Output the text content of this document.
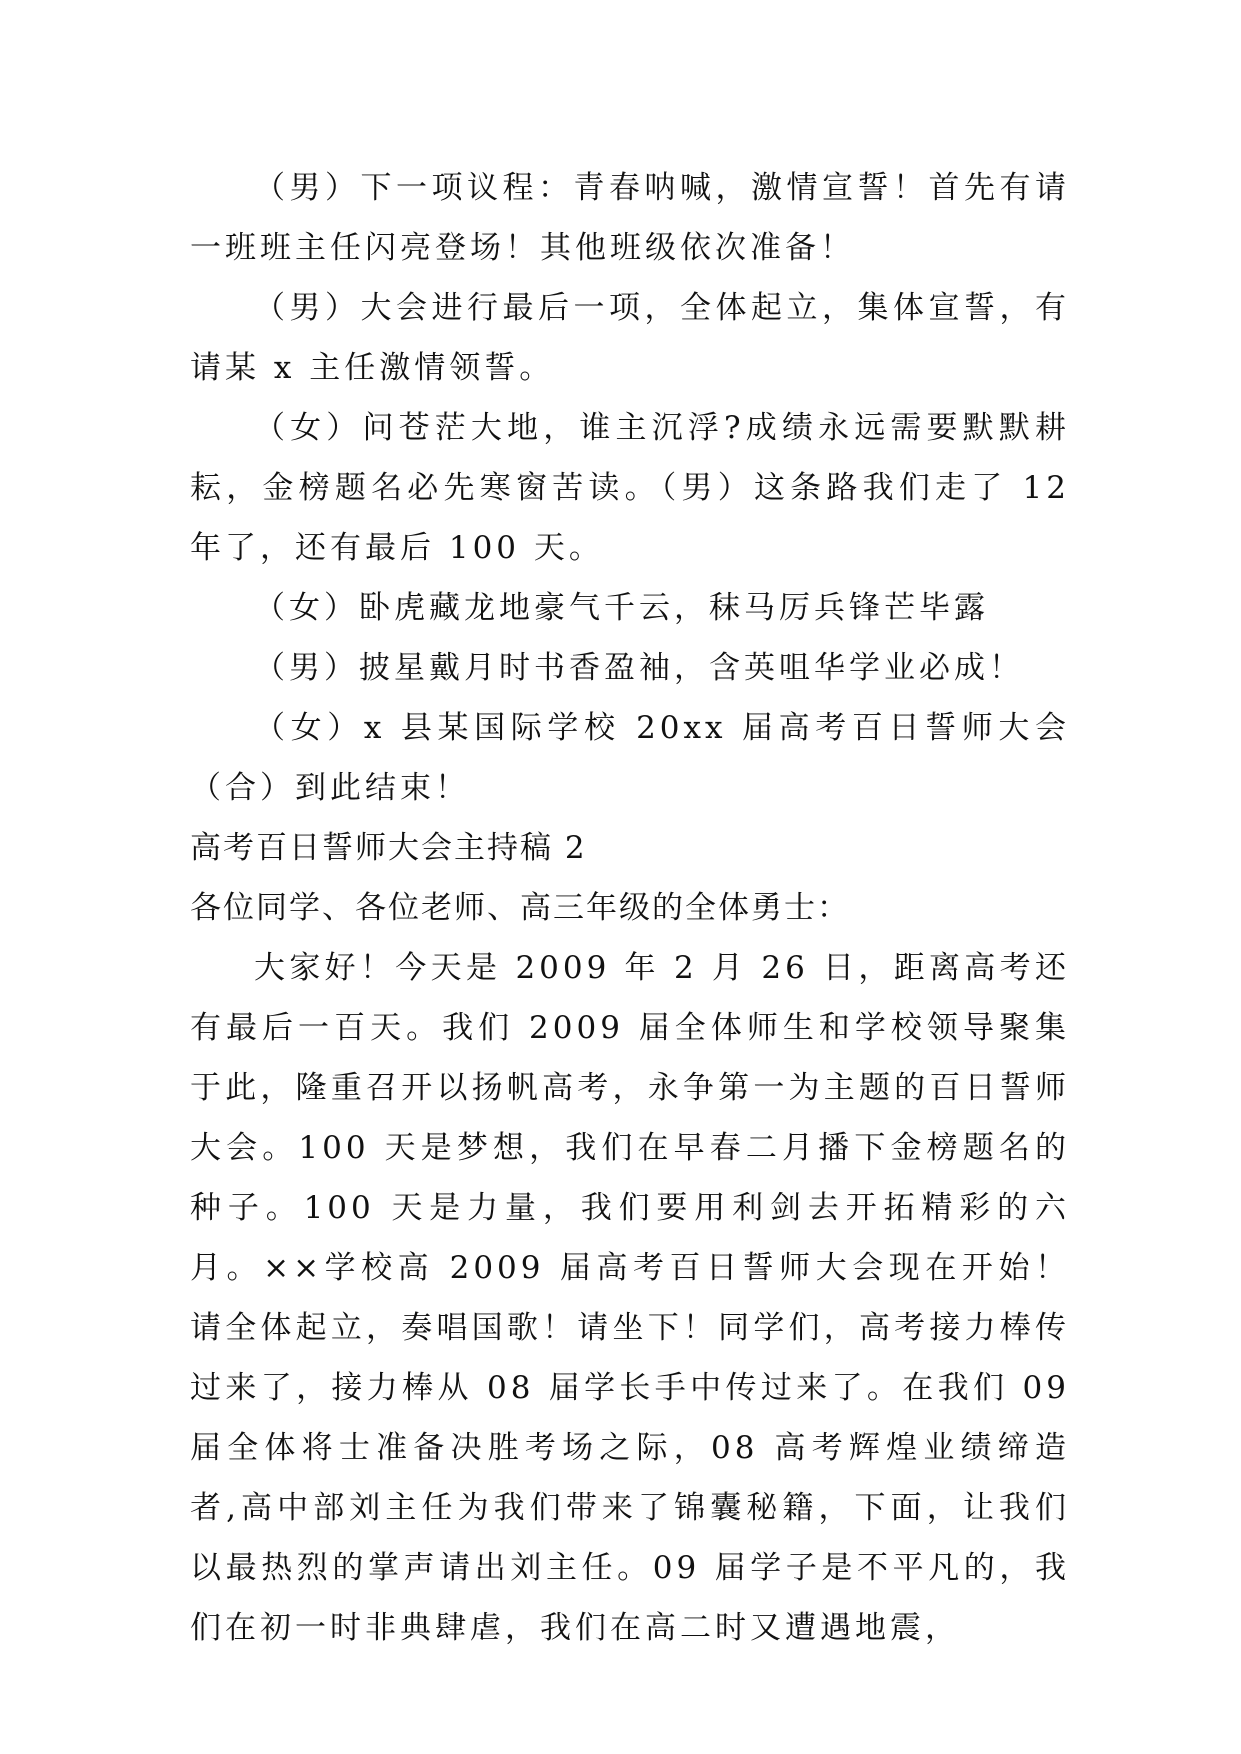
（男）下一项议程：青春呐喊，激情宣誓！首先有请一班班主任闪亮登场！其他班级依次准备！

（男）大会进行最后一项，全体起立，集体宣誓，有请某 x 主任激情领誓。

（女）问苍茫大地，谁主沉浮?成绩永远需要默默耕耘，金榜题名必先寒窗苦读。（男）这条路我们走了 12 年了，还有最后 100 天。

（女）卧虎藏龙地豪气千云，秣马厉兵锋芒毕露

（男）披星戴月时书香盈袖，含英咀华学业必成！

（女）x 县某国际学校 20xx 届高考百日誓师大会（合）到此结束！

高考百日誓师大会主持稿 2

各位同学、各位老师、高三年级的全体勇士：

大家好！今天是 2009 年 2 月 26 日，距离高考还有最后一百天。我们 2009 届全体师生和学校领导聚集于此，隆重召开以扬帆高考，永争第一为主题的百日誓师大会。100 天是梦想，我们在早春二月播下金榜题名的种子。100 天是力量，我们要用利剑去开拓精彩的六月。××学校高 2009 届高考百日誓师大会现在开始！请全体起立，奏唱国歌！请坐下！同学们，高考接力棒传过来了，接力棒从 08 届学长手中传过来了。在我们 09 届全体将士准备决胜考场之际，08 高考辉煌业绩缔造者,高中部刘主任为我们带来了锦囊秘籍，下面，让我们以最热烈的掌声请出刘主任。09 届学子是不平凡的，我们在初一时非典肆虐，我们在高二时又遭遇地震，
